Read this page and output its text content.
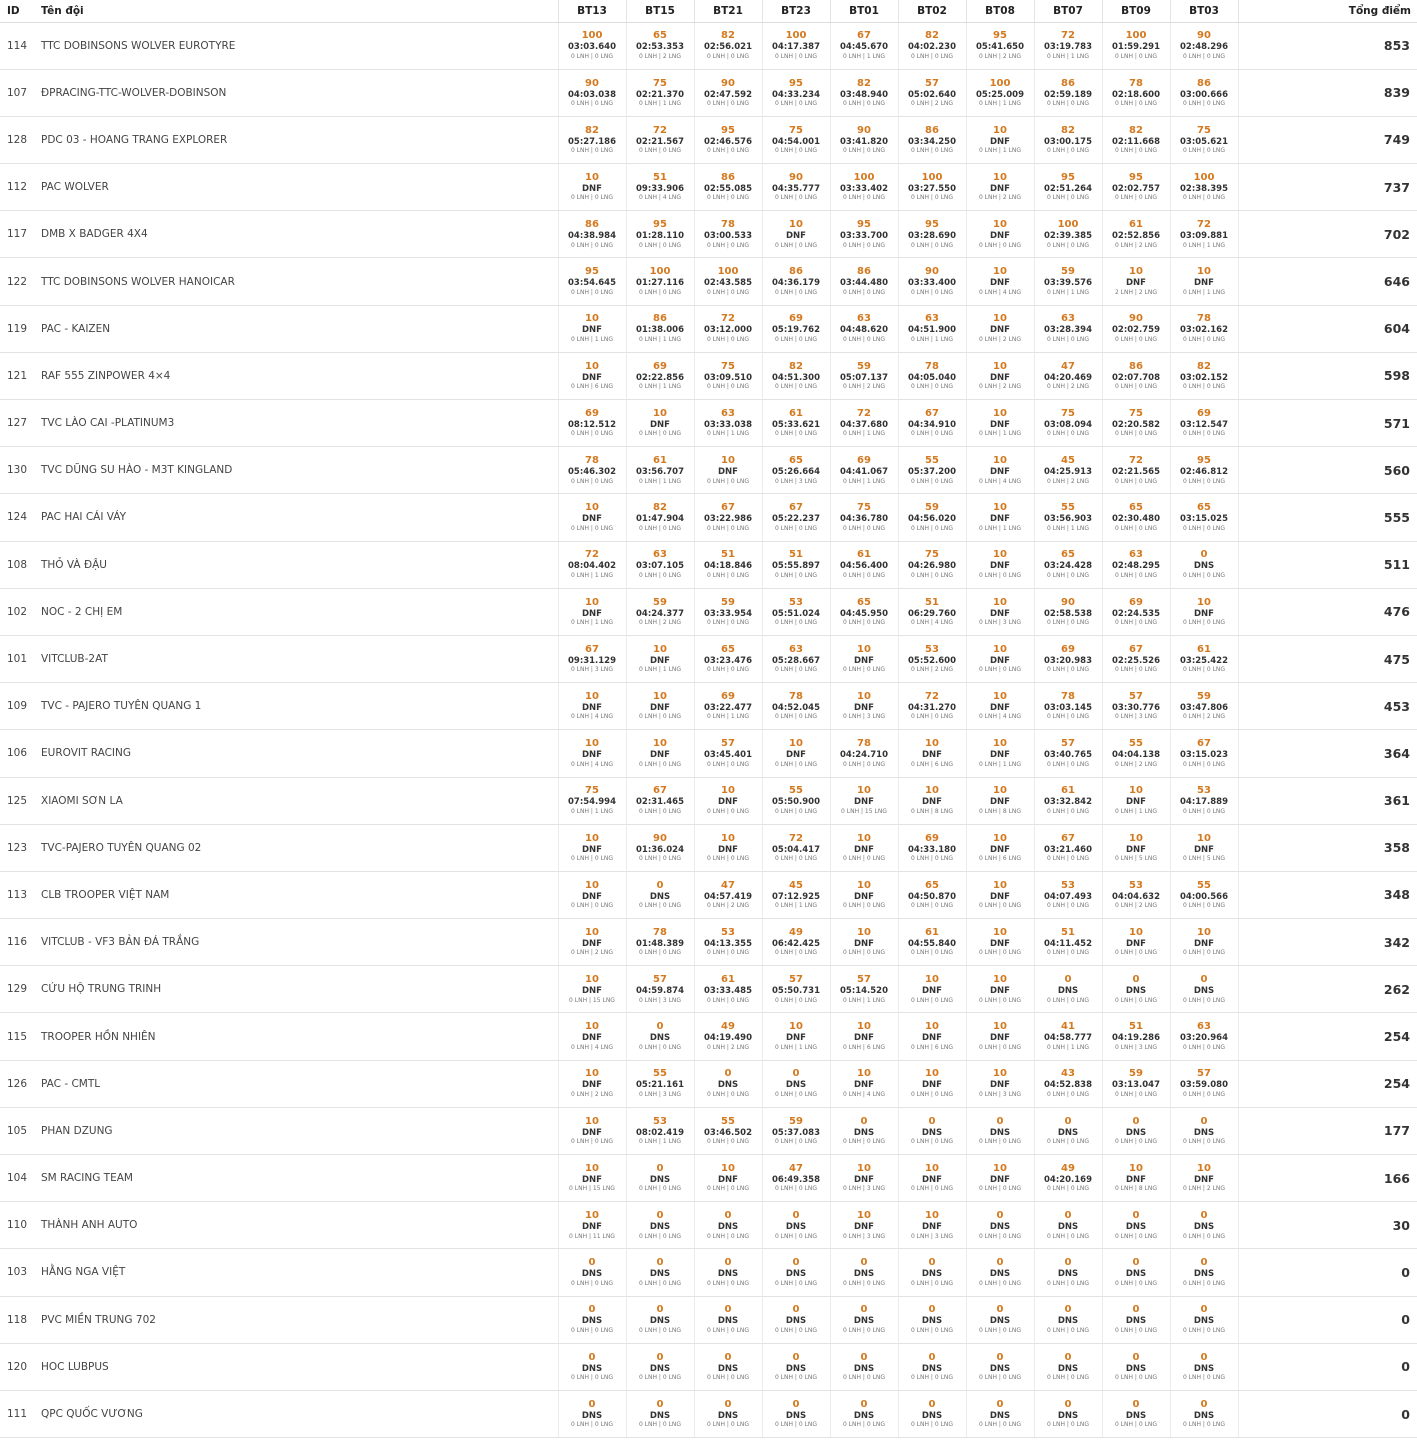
ID	Tên đội	BT13	BT15	BT21	BT23	BT01	BT02	BT08	BT07	BT09	BT03	Tổng điểm
114	TTC DOBINSONS WOLVER EUROTYRE	100
03:03.640
0 LNH | 0 LNG	65
02:53.353
0 LNH | 2 LNG	82
02:56.021
0 LNH | 0 LNG	100
04:17.387
0 LNH | 0 LNG	67
04:45.670
0 LNH | 1 LNG	82
04:02.230
0 LNH | 0 LNG	95
05:41.650
0 LNH | 2 LNG	72
03:19.783
0 LNH | 1 LNG	100
01:59.291
0 LNH | 0 LNG	90
02:48.296
0 LNH | 0 LNG	853
107	ĐPRACING-TTC-WOLVER-DOBINSON	90
04:03.038
0 LNH | 0 LNG	75
02:21.370
0 LNH | 1 LNG	90
02:47.592
0 LNH | 0 LNG	95
04:33.234
0 LNH | 0 LNG	82
03:48.940
0 LNH | 0 LNG	57
05:02.640
0 LNH | 2 LNG	100
05:25.009
0 LNH | 1 LNG	86
02:59.189
0 LNH | 0 LNG	78
02:18.600
0 LNH | 0 LNG	86
03:00.666
0 LNH | 0 LNG	839
128	PDC 03 - HOANG TRANG EXPLORER	82
05:27.186
0 LNH | 0 LNG	72
02:21.567
0 LNH | 0 LNG	95
02:46.576
0 LNH | 0 LNG	75
04:54.001
0 LNH | 0 LNG	90
03:41.820
0 LNH | 0 LNG	86
03:34.250
0 LNH | 0 LNG	10
DNF
0 LNH | 1 LNG	82
03:00.175
0 LNH | 0 LNG	82
02:11.668
0 LNH | 0 LNG	75
03:05.621
0 LNH | 0 LNG	749
112	PAC WOLVER	10
DNF
0 LNH | 0 LNG	51
09:33.906
0 LNH | 4 LNG	86
02:55.085
0 LNH | 0 LNG	90
04:35.777
0 LNH | 0 LNG	100
03:33.402
0 LNH | 0 LNG	100
03:27.550
0 LNH | 0 LNG	10
DNF
0 LNH | 2 LNG	95
02:51.264
0 LNH | 0 LNG	95
02:02.757
0 LNH | 0 LNG	100
02:38.395
0 LNH | 0 LNG	737
117	DMB X BADGER 4X4	86
04:38.984
0 LNH | 0 LNG	95
01:28.110
0 LNH | 0 LNG	78
03:00.533
0 LNH | 0 LNG	10
DNF
0 LNH | 0 LNG	95
03:33.700
0 LNH | 0 LNG	95
03:28.690
0 LNH | 0 LNG	10
DNF
0 LNH | 0 LNG	100
02:39.385
0 LNH | 0 LNG	61
02:52.856
0 LNH | 2 LNG	72
03:09.881
0 LNH | 1 LNG	702
122	TTC DOBINSONS WOLVER HANOICAR	95
03:54.645
0 LNH | 0 LNG	100
01:27.116
0 LNH | 0 LNG	100
02:43.585
0 LNH | 0 LNG	86
04:36.179
0 LNH | 0 LNG	86
03:44.480
0 LNH | 0 LNG	90
03:33.400
0 LNH | 0 LNG	10
DNF
0 LNH | 4 LNG	59
03:39.576
0 LNH | 1 LNG	10
DNF
2 LNH | 2 LNG	10
DNF
0 LNH | 1 LNG	646
119	PAC - KAIZEN	10
DNF
0 LNH | 1 LNG	86
01:38.006
0 LNH | 1 LNG	72
03:12.000
0 LNH | 0 LNG	69
05:19.762
0 LNH | 0 LNG	63
04:48.620
0 LNH | 0 LNG	63
04:51.900
0 LNH | 1 LNG	10
DNF
0 LNH | 2 LNG	63
03:28.394
0 LNH | 0 LNG	90
02:02.759
0 LNH | 0 LNG	78
03:02.162
0 LNH | 0 LNG	604
121	RAF 555 ZINPOWER 4×4	10
DNF
0 LNH | 6 LNG	69
02:22.856
0 LNH | 1 LNG	75
03:09.510
0 LNH | 0 LNG	82
04:51.300
0 LNH | 0 LNG	59
05:07.137
0 LNH | 2 LNG	78
04:05.040
0 LNH | 0 LNG	10
DNF
0 LNH | 2 LNG	47
04:20.469
0 LNH | 2 LNG	86
02:07.708
0 LNH | 0 LNG	82
03:02.152
0 LNH | 0 LNG	598
127	TVC LÀO CAI -PLATINUM3	69
08:12.512
0 LNH | 0 LNG	10
DNF
0 LNH | 0 LNG	63
03:33.038
0 LNH | 1 LNG	61
05:33.621
0 LNH | 0 LNG	72
04:37.680
0 LNH | 1 LNG	67
04:34.910
0 LNH | 0 LNG	10
DNF
0 LNH | 1 LNG	75
03:08.094
0 LNH | 0 LNG	75
02:20.582
0 LNH | 0 LNG	69
03:12.547
0 LNH | 0 LNG	571
130	TVC DŨNG SU HÀO - M3T KINGLAND	78
05:46.302
0 LNH | 0 LNG	61
03:56.707
0 LNH | 1 LNG	10
DNF
0 LNH | 0 LNG	65
05:26.664
0 LNH | 3 LNG	69
04:41.067
0 LNH | 1 LNG	55
05:37.200
0 LNH | 0 LNG	10
DNF
0 LNH | 4 LNG	45
04:25.913
0 LNH | 2 LNG	72
02:21.565
0 LNH | 0 LNG	95
02:46.812
0 LNH | 0 LNG	560
124	PAC HAI CÁI VÁY	10
DNF
0 LNH | 0 LNG	82
01:47.904
0 LNH | 0 LNG	67
03:22.986
0 LNH | 0 LNG	67
05:22.237
0 LNH | 0 LNG	75
04:36.780
0 LNH | 0 LNG	59
04:56.020
0 LNH | 0 LNG	10
DNF
0 LNH | 1 LNG	55
03:56.903
0 LNH | 1 LNG	65
02:30.480
0 LNH | 0 LNG	65
03:15.025
0 LNH | 0 LNG	555
108	THỎ VÀ ĐẬU	72
08:04.402
0 LNH | 1 LNG	63
03:07.105
0 LNH | 0 LNG	51
04:18.846
0 LNH | 0 LNG	51
05:55.897
0 LNH | 0 LNG	61
04:56.400
0 LNH | 0 LNG	75
04:26.980
0 LNH | 0 LNG	10
DNF
0 LNH | 0 LNG	65
03:24.428
0 LNH | 0 LNG	63
02:48.295
0 LNH | 0 LNG	0
DNS
0 LNH | 0 LNG	511
102	NOC - 2 CHỊ EM	10
DNF
0 LNH | 1 LNG	59
04:24.377
0 LNH | 2 LNG	59
03:33.954
0 LNH | 0 LNG	53
05:51.024
0 LNH | 0 LNG	65
04:45.950
0 LNH | 0 LNG	51
06:29.760
0 LNH | 4 LNG	10
DNF
0 LNH | 3 LNG	90
02:58.538
0 LNH | 0 LNG	69
02:24.535
0 LNH | 0 LNG	10
DNF
0 LNH | 0 LNG	476
101	VITCLUB-2AT	67
09:31.129
0 LNH | 3 LNG	10
DNF
0 LNH | 1 LNG	65
03:23.476
0 LNH | 0 LNG	63
05:28.667
0 LNH | 0 LNG	10
DNF
0 LNH | 0 LNG	53
05:52.600
0 LNH | 2 LNG	10
DNF
0 LNH | 0 LNG	69
03:20.983
0 LNH | 0 LNG	67
02:25.526
0 LNH | 0 LNG	61
03:25.422
0 LNH | 0 LNG	475
109	TVC - PAJERO TUYÊN QUANG 1	10
DNF
0 LNH | 4 LNG	10
DNF
0 LNH | 0 LNG	69
03:22.477
0 LNH | 1 LNG	78
04:52.045
0 LNH | 0 LNG	10
DNF
0 LNH | 3 LNG	72
04:31.270
0 LNH | 0 LNG	10
DNF
0 LNH | 4 LNG	78
03:03.145
0 LNH | 0 LNG	57
03:30.776
0 LNH | 3 LNG	59
03:47.806
0 LNH | 2 LNG	453
106	EUROVIT RACING	10
DNF
0 LNH | 4 LNG	10
DNF
0 LNH | 0 LNG	57
03:45.401
0 LNH | 0 LNG	10
DNF
0 LNH | 0 LNG	78
04:24.710
0 LNH | 0 LNG	10
DNF
0 LNH | 6 LNG	10
DNF
0 LNH | 1 LNG	57
03:40.765
0 LNH | 0 LNG	55
04:04.138
0 LNH | 2 LNG	67
03:15.023
0 LNH | 0 LNG	364
125	XIAOMI SƠN LA	75
07:54.994
0 LNH | 1 LNG	67
02:31.465
0 LNH | 0 LNG	10
DNF
0 LNH | 0 LNG	55
05:50.900
0 LNH | 0 LNG	10
DNF
0 LNH | 15 LNG	10
DNF
0 LNH | 8 LNG	10
DNF
0 LNH | 8 LNG	61
03:32.842
0 LNH | 0 LNG	10
DNF
0 LNH | 1 LNG	53
04:17.889
0 LNH | 0 LNG	361
123	TVC-PAJERO TUYÊN QUANG 02	10
DNF
0 LNH | 0 LNG	90
01:36.024
0 LNH | 0 LNG	10
DNF
0 LNH | 0 LNG	72
05:04.417
0 LNH | 0 LNG	10
DNF
0 LNH | 0 LNG	69
04:33.180
0 LNH | 0 LNG	10
DNF
0 LNH | 6 LNG	67
03:21.460
0 LNH | 0 LNG	10
DNF
0 LNH | 5 LNG	10
DNF
0 LNH | 5 LNG	358
113	CLB TROOPER VIỆT NAM	10
DNF
0 LNH | 0 LNG	0
DNS
0 LNH | 0 LNG	47
04:57.419
0 LNH | 2 LNG	45
07:12.925
0 LNH | 1 LNG	10
DNF
0 LNH | 0 LNG	65
04:50.870
0 LNH | 0 LNG	10
DNF
0 LNH | 0 LNG	53
04:07.493
0 LNH | 0 LNG	53
04:04.632
0 LNH | 2 LNG	55
04:00.566
0 LNH | 0 LNG	348
116	VITCLUB - VF3 BẢN ĐÁ TRẮNG	10
DNF
0 LNH | 2 LNG	78
01:48.389
0 LNH | 0 LNG	53
04:13.355
0 LNH | 0 LNG	49
06:42.425
0 LNH | 0 LNG	10
DNF
0 LNH | 0 LNG	61
04:55.840
0 LNH | 0 LNG	10
DNF
0 LNH | 0 LNG	51
04:11.452
0 LNH | 0 LNG	10
DNF
0 LNH | 0 LNG	10
DNF
0 LNH | 0 LNG	342
129	CỨU HỘ TRUNG TRINH	10
DNF
0 LNH | 15 LNG	57
04:59.874
0 LNH | 3 LNG	61
03:33.485
0 LNH | 0 LNG	57
05:50.731
0 LNH | 0 LNG	57
05:14.520
0 LNH | 1 LNG	10
DNF
0 LNH | 0 LNG	10
DNF
0 LNH | 0 LNG	0
DNS
0 LNH | 0 LNG	0
DNS
0 LNH | 0 LNG	0
DNS
0 LNH | 0 LNG	262
115	TROOPER HỒN NHIÊN	10
DNF
0 LNH | 4 LNG	0
DNS
0 LNH | 0 LNG	49
04:19.490
0 LNH | 2 LNG	10
DNF
0 LNH | 1 LNG	10
DNF
0 LNH | 6 LNG	10
DNF
0 LNH | 6 LNG	10
DNF
0 LNH | 0 LNG	41
04:58.777
0 LNH | 1 LNG	51
04:19.286
0 LNH | 3 LNG	63
03:20.964
0 LNH | 0 LNG	254
126	PAC - CMTL	10
DNF
0 LNH | 2 LNG	55
05:21.161
0 LNH | 3 LNG	0
DNS
0 LNH | 0 LNG	0
DNS
0 LNH | 0 LNG	10
DNF
0 LNH | 4 LNG	10
DNF
0 LNH | 0 LNG	10
DNF
0 LNH | 3 LNG	43
04:52.838
0 LNH | 0 LNG	59
03:13.047
0 LNH | 0 LNG	57
03:59.080
0 LNH | 0 LNG	254
105	PHAN DZUNG	10
DNF
0 LNH | 0 LNG	53
08:02.419
0 LNH | 1 LNG	55
03:46.502
0 LNH | 0 LNG	59
05:37.083
0 LNH | 0 LNG	0
DNS
0 LNH | 0 LNG	0
DNS
0 LNH | 0 LNG	0
DNS
0 LNH | 0 LNG	0
DNS
0 LNH | 0 LNG	0
DNS
0 LNH | 0 LNG	0
DNS
0 LNH | 0 LNG	177
104	SM RACING TEAM	10
DNF
0 LNH | 15 LNG	0
DNS
0 LNH | 0 LNG	10
DNF
0 LNH | 0 LNG	47
06:49.358
0 LNH | 0 LNG	10
DNF
0 LNH | 3 LNG	10
DNF
0 LNH | 0 LNG	10
DNF
0 LNH | 0 LNG	49
04:20.169
0 LNH | 0 LNG	10
DNF
0 LNH | 8 LNG	10
DNF
0 LNH | 2 LNG	166
110	THÀNH ANH AUTO	10
DNF
0 LNH | 11 LNG	0
DNS
0 LNH | 0 LNG	0
DNS
0 LNH | 0 LNG	0
DNS
0 LNH | 0 LNG	10
DNF
0 LNH | 3 LNG	10
DNF
0 LNH | 3 LNG	0
DNS
0 LNH | 0 LNG	0
DNS
0 LNH | 0 LNG	0
DNS
0 LNH | 0 LNG	0
DNS
0 LNH | 0 LNG	30
103	HẰNG NGA VIỆT	0
DNS
0 LNH | 0 LNG	0
DNS
0 LNH | 0 LNG	0
DNS
0 LNH | 0 LNG	0
DNS
0 LNH | 0 LNG	0
DNS
0 LNH | 0 LNG	0
DNS
0 LNH | 0 LNG	0
DNS
0 LNH | 0 LNG	0
DNS
0 LNH | 0 LNG	0
DNS
0 LNH | 0 LNG	0
DNS
0 LNH | 0 LNG	0
118	PVC MIỀN TRUNG 702	0
DNS
0 LNH | 0 LNG	0
DNS
0 LNH | 0 LNG	0
DNS
0 LNH | 0 LNG	0
DNS
0 LNH | 0 LNG	0
DNS
0 LNH | 0 LNG	0
DNS
0 LNH | 0 LNG	0
DNS
0 LNH | 0 LNG	0
DNS
0 LNH | 0 LNG	0
DNS
0 LNH | 0 LNG	0
DNS
0 LNH | 0 LNG	0
120	HOC LUBPUS	0
DNS
0 LNH | 0 LNG	0
DNS
0 LNH | 0 LNG	0
DNS
0 LNH | 0 LNG	0
DNS
0 LNH | 0 LNG	0
DNS
0 LNH | 0 LNG	0
DNS
0 LNH | 0 LNG	0
DNS
0 LNH | 0 LNG	0
DNS
0 LNH | 0 LNG	0
DNS
0 LNH | 0 LNG	0
DNS
0 LNH | 0 LNG	0
111	QPC QUỐC VƯƠNG	0
DNS
0 LNH | 0 LNG	0
DNS
0 LNH | 0 LNG	0
DNS
0 LNH | 0 LNG	0
DNS
0 LNH | 0 LNG	0
DNS
0 LNH | 0 LNG	0
DNS
0 LNH | 0 LNG	0
DNS
0 LNH | 0 LNG	0
DNS
0 LNH | 0 LNG	0
DNS
0 LNH | 0 LNG	0
DNS
0 LNH | 0 LNG	0
